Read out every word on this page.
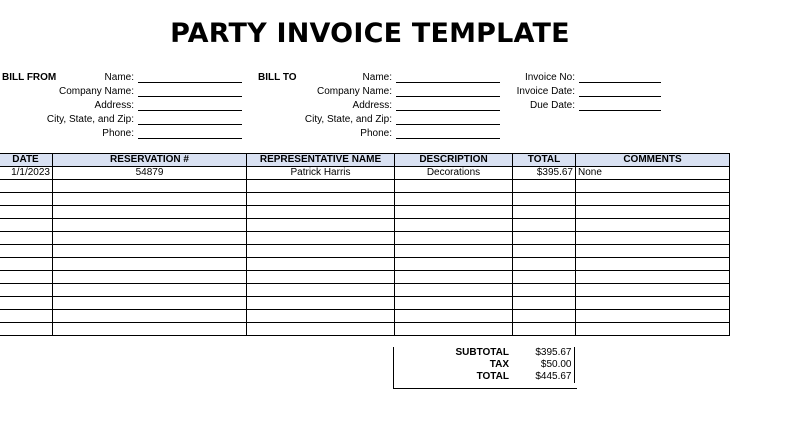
PARTY INVOICE TEMPLATE
BILL FROM	Name:
Company Name:
Address:
City, State, and Zip:
Phone:
BILL TO	Name:
Company Name:
Address:
City, State, and Zip:
Phone:
Invoice No:
Invoice Date:
Due Date:
DATE	RESERVATION #	REPRESENTATIVE NAME	DESCRIPTION	TOTAL	COMMENTS
1/1/2023	54879	Patrick Harris	Decorations	$395.67	None

SUBTOTAL	$395.67
TAX	$50.00
TOTAL	$445.67
